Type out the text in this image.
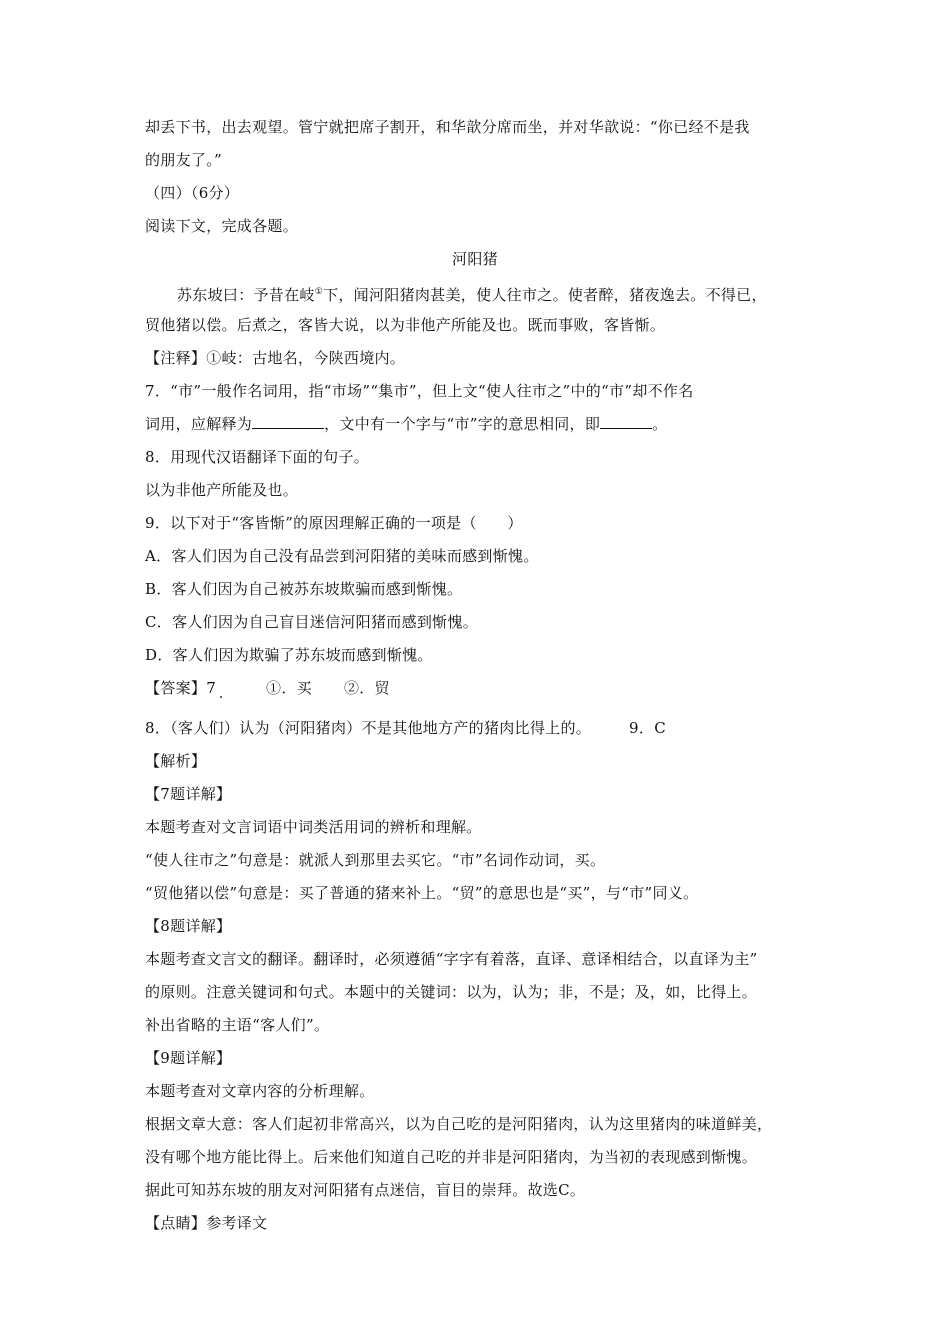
却丢下书，出去观望。管宁就把席子割开，和华歆分席而坐，并对华歆说：“你已经不是我
的朋友了。”
（四）（6分）
阅读下文，完成各题。
河阳猪
苏东坡曰：予昔在岐①下，闻河阳猪肉甚美，使人往市之。使者醉，猪夜逸去。不得已，
贸他猪以偿。后煮之，客皆大说，以为非他产所能及也。既而事败，客皆惭。
【注释】①岐：古地名，今陕西境内。
7．“市”一般作名词用，指“市场”“集市”，但上文“使人往市之”中的“市”却不作名
词用，应解释为	，文中有一个字与“市”字的意思相同，即	。
8．用现代汉语翻译下面的句子。
以为非他产所能及也。
9．以下对于“客皆惭”的原因理解正确的一项是（　　）
A．客人们因为自己没有品尝到河阳猪的美味而感到惭愧。
B．客人们因为自己被苏东坡欺骗而感到惭愧。
C．客人们因为自己盲目迷信河阳猪而感到惭愧。
D．客人们因为欺骗了苏东坡而感到惭愧。
【答案】7	①．买 ②．贸
8．（客人们）认为（河阳猪肉）不是其他地方产的猪肉比得上的。	9．C
【解析】
【7题详解】
本题考查对文言词语中词类活用词的辨析和理解。
“使人往市之”句意是：就派人到那里去买它。“市”名词作动词，买。
“贸他猪以偿”句意是：买了普通的猪来补上。“贸”的意思也是“买”，与“市”同义。
【8题详解】
本题考查文言文的翻译。翻译时，必须遵循“字字有着落，直译、意译相结合，以直译为主”
的原则。注意关键词和句式。本题中的关键词：以为，认为；非，不是；及，如，比得上。
补出省略的主语“客人们”。
【9题详解】
本题考查对文章内容的分析理解。
根据文章大意：客人们起初非常高兴，以为自己吃的是河阳猪肉，认为这里猪肉的味道鲜美，
没有哪个地方能比得上。后来他们知道自己吃的并非是河阳猪肉，为当初的表现感到惭愧。
据此可知苏东坡的朋友对河阳猪有点迷信，盲目的崇拜。故选C。
【点睛】参考译文
